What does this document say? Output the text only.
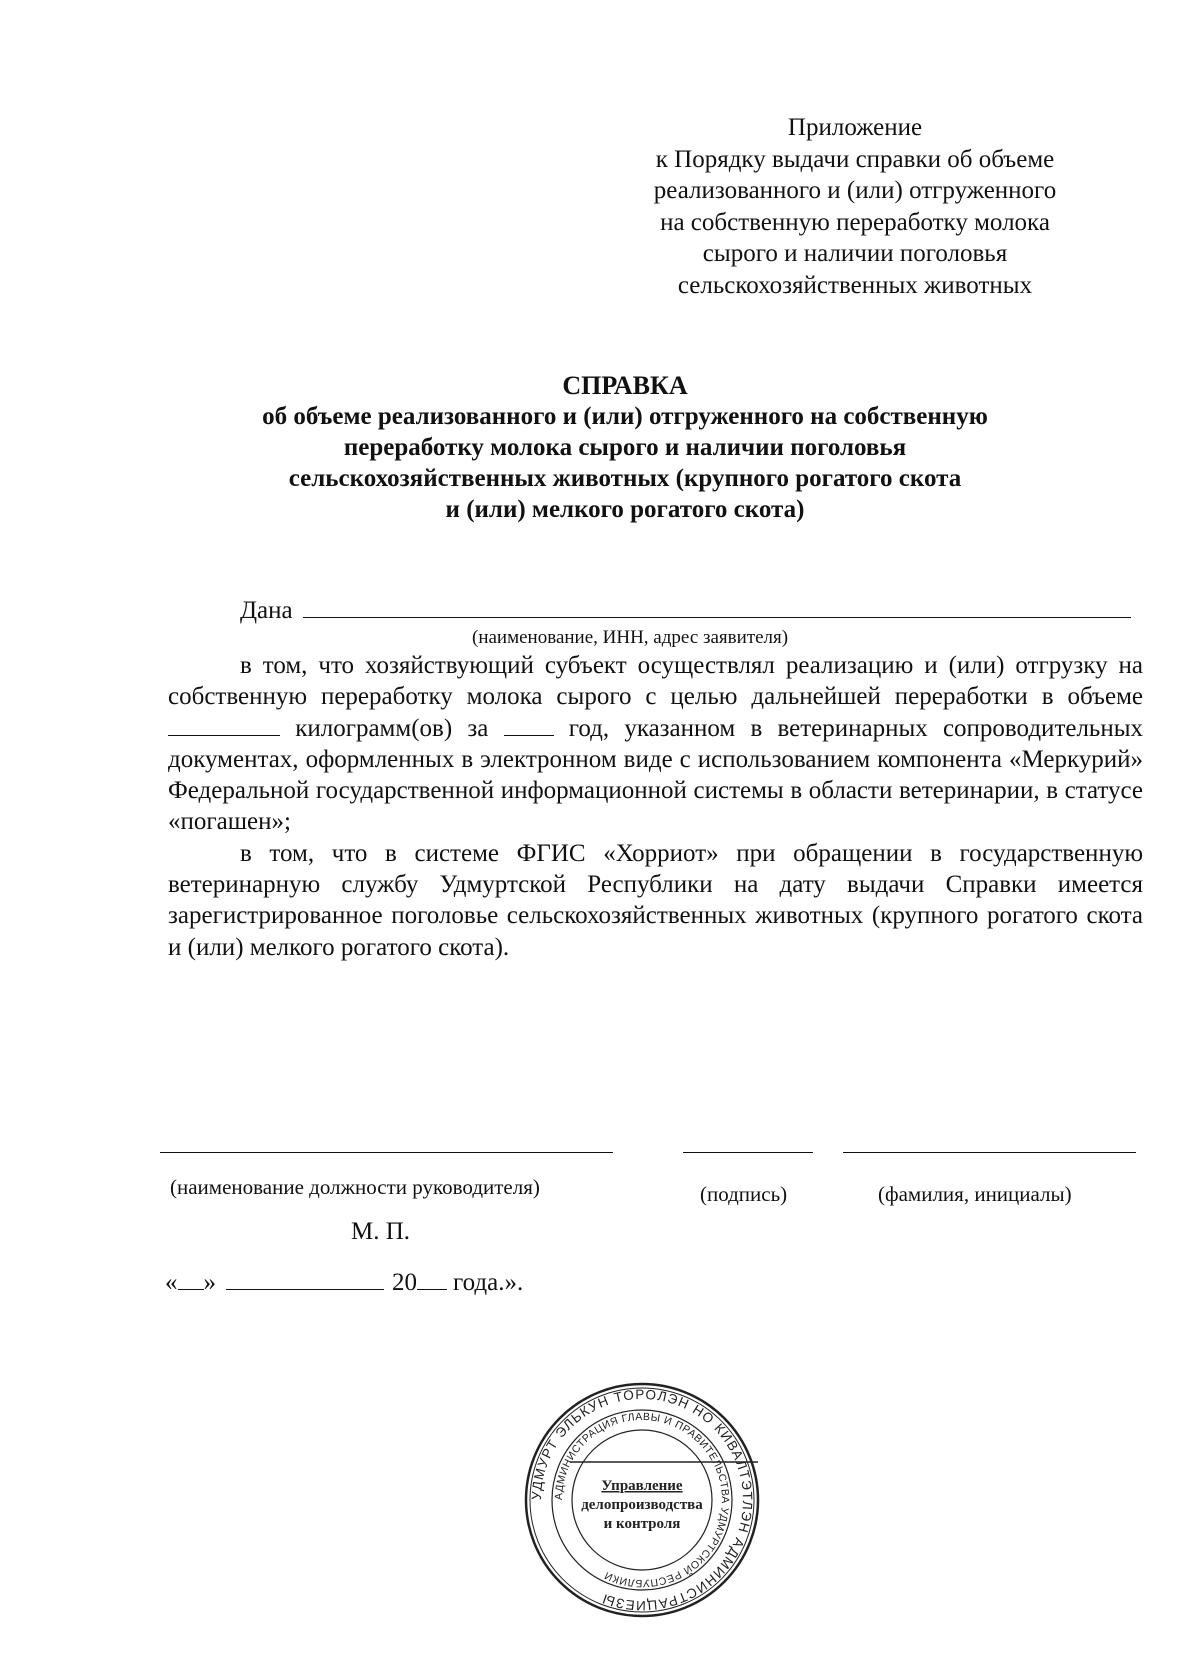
Приложение
к Порядку выдачи справки об объеме
реализованного и (или) отгруженного
на собственную переработку молока
сырого и наличии поголовья
сельскохозяйственных животных
СПРАВКА
об объеме реализованного и (или) отгруженного на собственную
переработку молока сырого и наличии поголовья
сельскохозяйственных животных (крупного рогатого скота
и (или) мелкого рогатого скота)
Дана
(наименование, ИНН, адрес заявителя)

в том, что хозяйствующий субъект осуществлял реализацию и (или) отгрузку на собственную переработку молока сырого с целью дальнейшей переработки в объеме  килограмм(ов) за	год, указанном в ветеринарных сопроводительных документах, оформленных в электронном виде с использованием компонента «Меркурий» Федеральной государственной информационной системы в области ветеринарии, в статусе «погашен»;

в том, что в системе ФГИС «Хорриот» при обращении в государственную ветеринарную службу Удмуртской Республики на дату выдачи Справки имеется зарегистрированное поголовье сельскохозяйственных животных (крупного рогатого скота и (или) мелкого рогатого скота).

(наименование должности руководителя)	(подпись)	(фамилия, инициалы)
М. П.
« »	20 года.».
УДМУРТ ЭЛЬКУН ТОРОЛЭН НО КИВАЛТЭТЛЭН АДМИНИСТРАЦИЕЗЫ
АДМИНИСТРАЦИЯ ГЛАВЫ И ПРАВИТЕЛЬСТВА УДМУРТСКОЙ РЕСПУБЛИКИ
Управление
делопроизводства
и контроля
